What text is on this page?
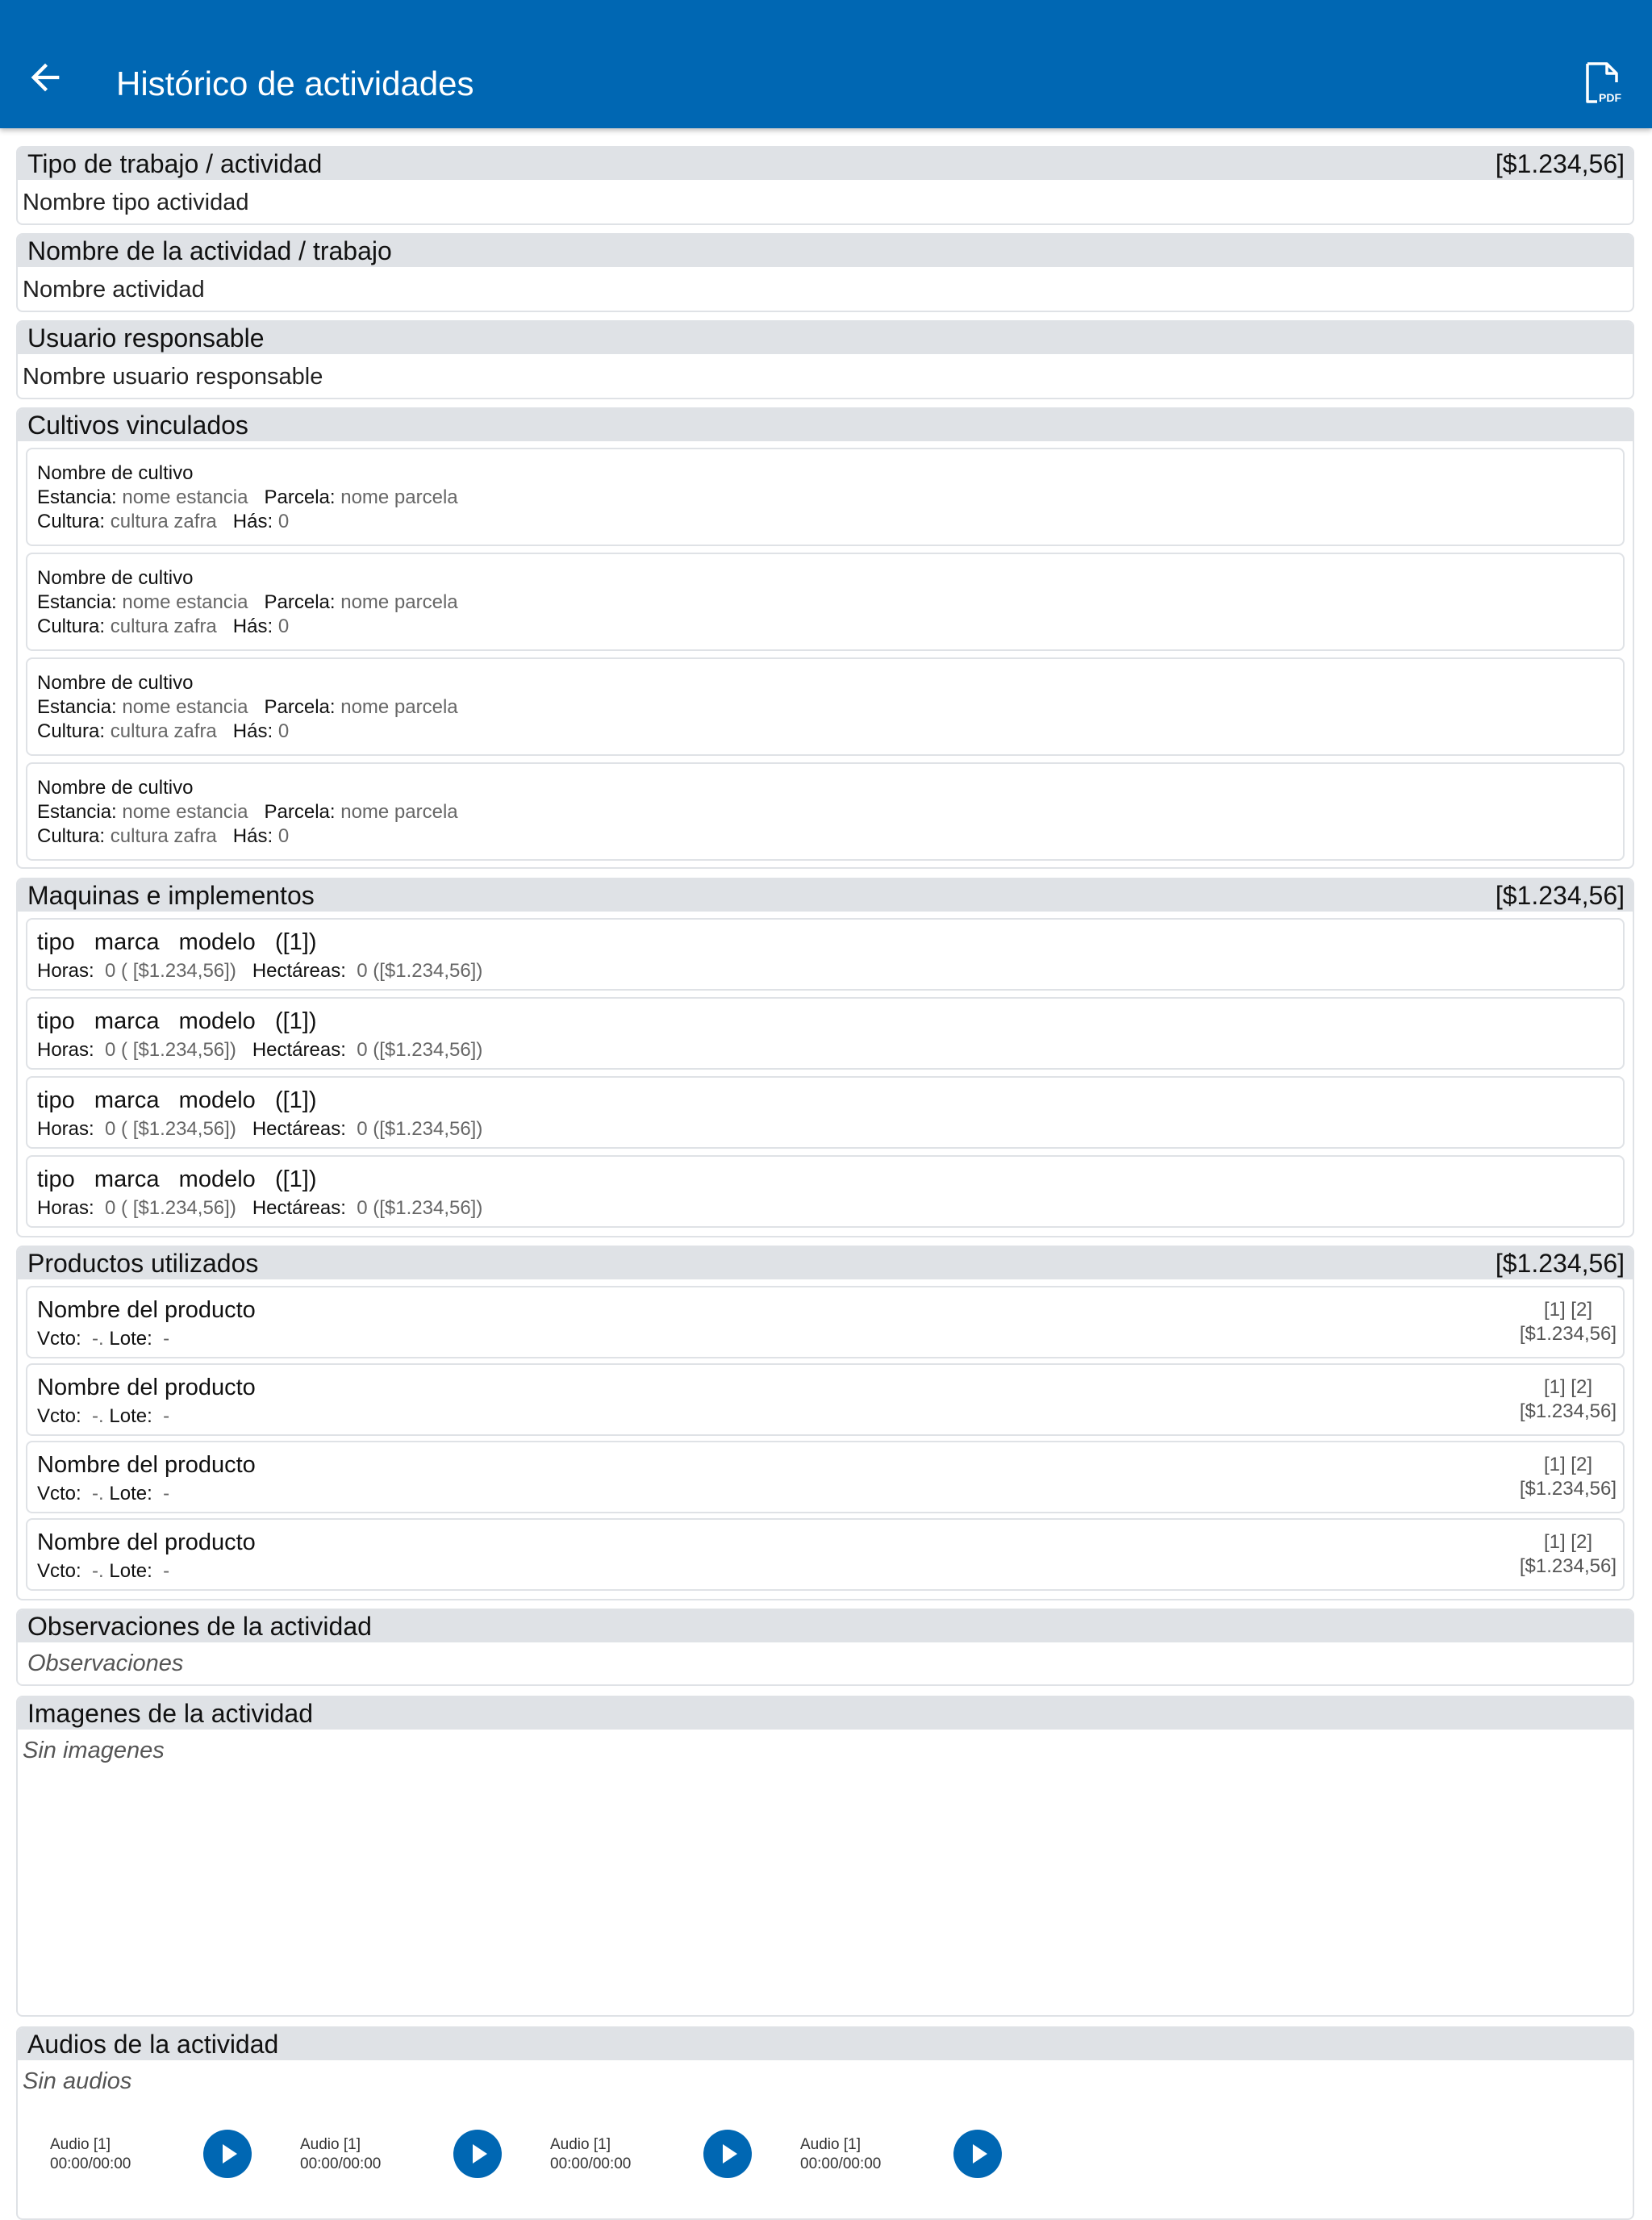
Histórico de actividades	PDF
Tipo de trabajo / actividad	[$1.234,56]
Nombre tipo actividad
Nombre de la actividad / trabajo
Nombre actividad
Usuario responsable
Nombre usuario responsable
Cultivos vinculados
Nombre de cultivo
Estancia: nome estancia Parcela: nome parcela
Cultura: cultura zafra Hás: 0
Nombre de cultivo
Estancia: nome estancia Parcela: nome parcela
Cultura: cultura zafra Hás: 0
Nombre de cultivo
Estancia: nome estancia Parcela: nome parcela
Cultura: cultura zafra Hás: 0
Nombre de cultivo
Estancia: nome estancia Parcela: nome parcela
Cultura: cultura zafra Hás: 0
Maquinas e implementos	[$1.234,56]
tipo   marca   modelo   ([1])
Horas: 0 ( [$1.234,56]) Hectáreas: 0 ([$1.234,56])
tipo   marca   modelo   ([1])
Horas: 0 ( [$1.234,56]) Hectáreas: 0 ([$1.234,56])
tipo   marca   modelo   ([1])
Horas: 0 ( [$1.234,56]) Hectáreas: 0 ([$1.234,56])
tipo   marca   modelo   ([1])
Horas: 0 ( [$1.234,56]) Hectáreas: 0 ([$1.234,56])
Productos utilizados	[$1.234,56]
Nombre del producto
Vcto: -. Lote: -
[1] [2]
[$1.234,56]
Nombre del producto
Vcto: -. Lote: -
[1] [2]
[$1.234,56]
Nombre del producto
Vcto: -. Lote: -
[1] [2]
[$1.234,56]
Nombre del producto
Vcto: -. Lote: -
[1] [2]
[$1.234,56]
Observaciones de la actividad
Observaciones
Imagenes de la actividad
Sin imagenes
Audios de la actividad
Sin audios
Audio [1]
00:00/00:00
Audio [1]
00:00/00:00
Audio [1]
00:00/00:00
Audio [1]
00:00/00:00
